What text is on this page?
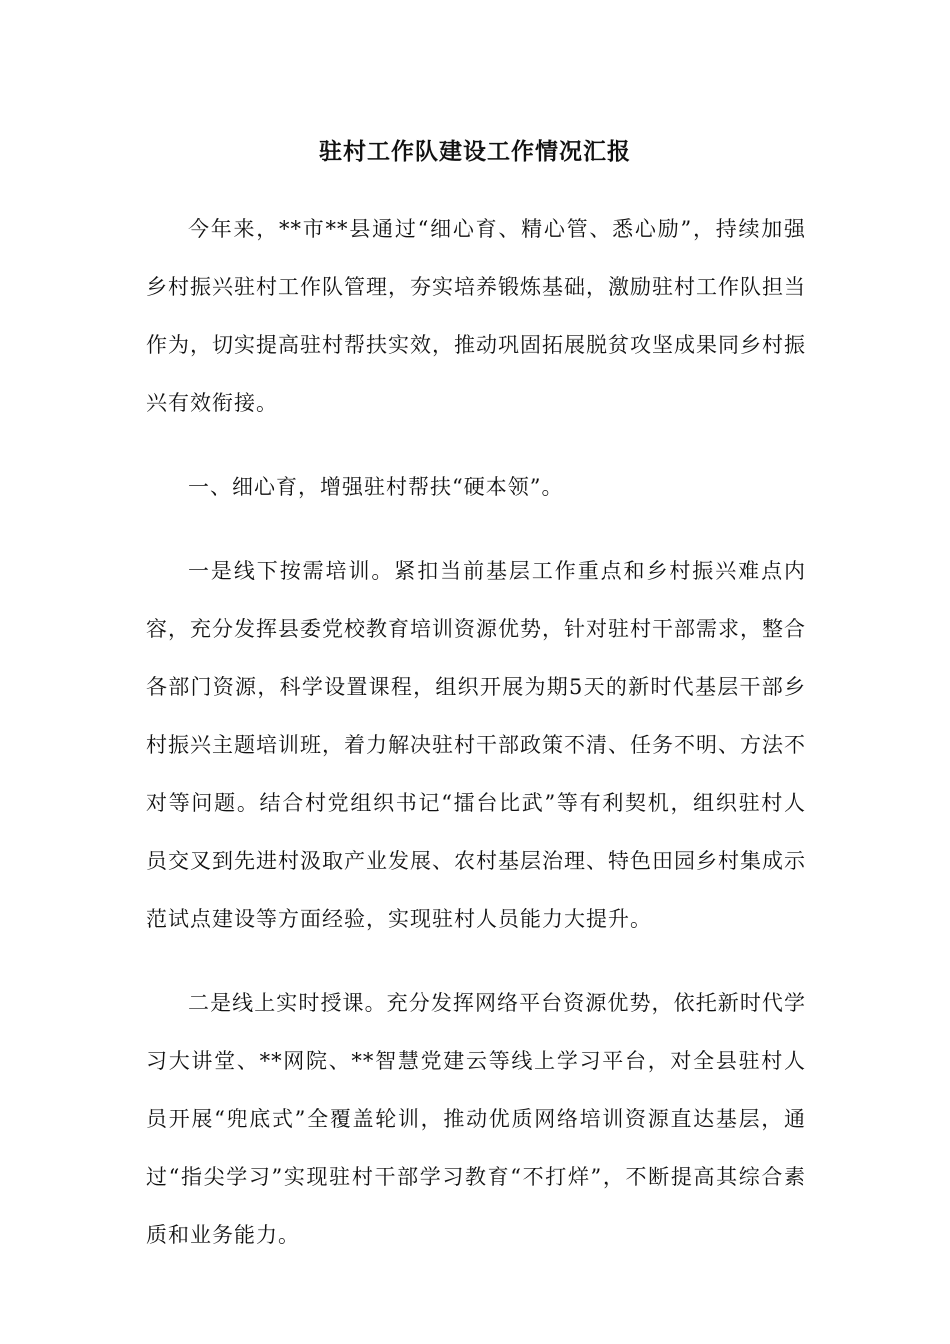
驻村工作队建设工作情况汇报

今年来，**市**县通过“细心育、精心管、悉心励”，持续加强乡村振兴驻村工作队管理，夯实培养锻炼基础，激励驻村工作队担当作为，切实提高驻村帮扶实效，推动巩固拓展脱贫攻坚成果同乡村振兴有效衔接。

一、细心育，增强驻村帮扶“硬本领”。

一是线下按需培训。紧扣当前基层工作重点和乡村振兴难点内容，充分发挥县委党校教育培训资源优势，针对驻村干部需求，整合各部门资源，科学设置课程，组织开展为期5天的新时代基层干部乡村振兴主题培训班，着力解决驻村干部政策不清、任务不明、方法不对等问题。结合村党组织书记“擂台比武”等有利契机，组织驻村人员交叉到先进村汲取产业发展、农村基层治理、特色田园乡村集成示范试点建设等方面经验，实现驻村人员能力大提升。

二是线上实时授课。充分发挥网络平台资源优势，依托新时代学习大讲堂、**网院、**智慧党建云等线上学习平台，对全县驻村人员开展“兜底式”全覆盖轮训，推动优质网络培训资源直达基层，通过“指尖学习”实现驻村干部学习教育“不打烊”，不断提高其综合素质和业务能力。
